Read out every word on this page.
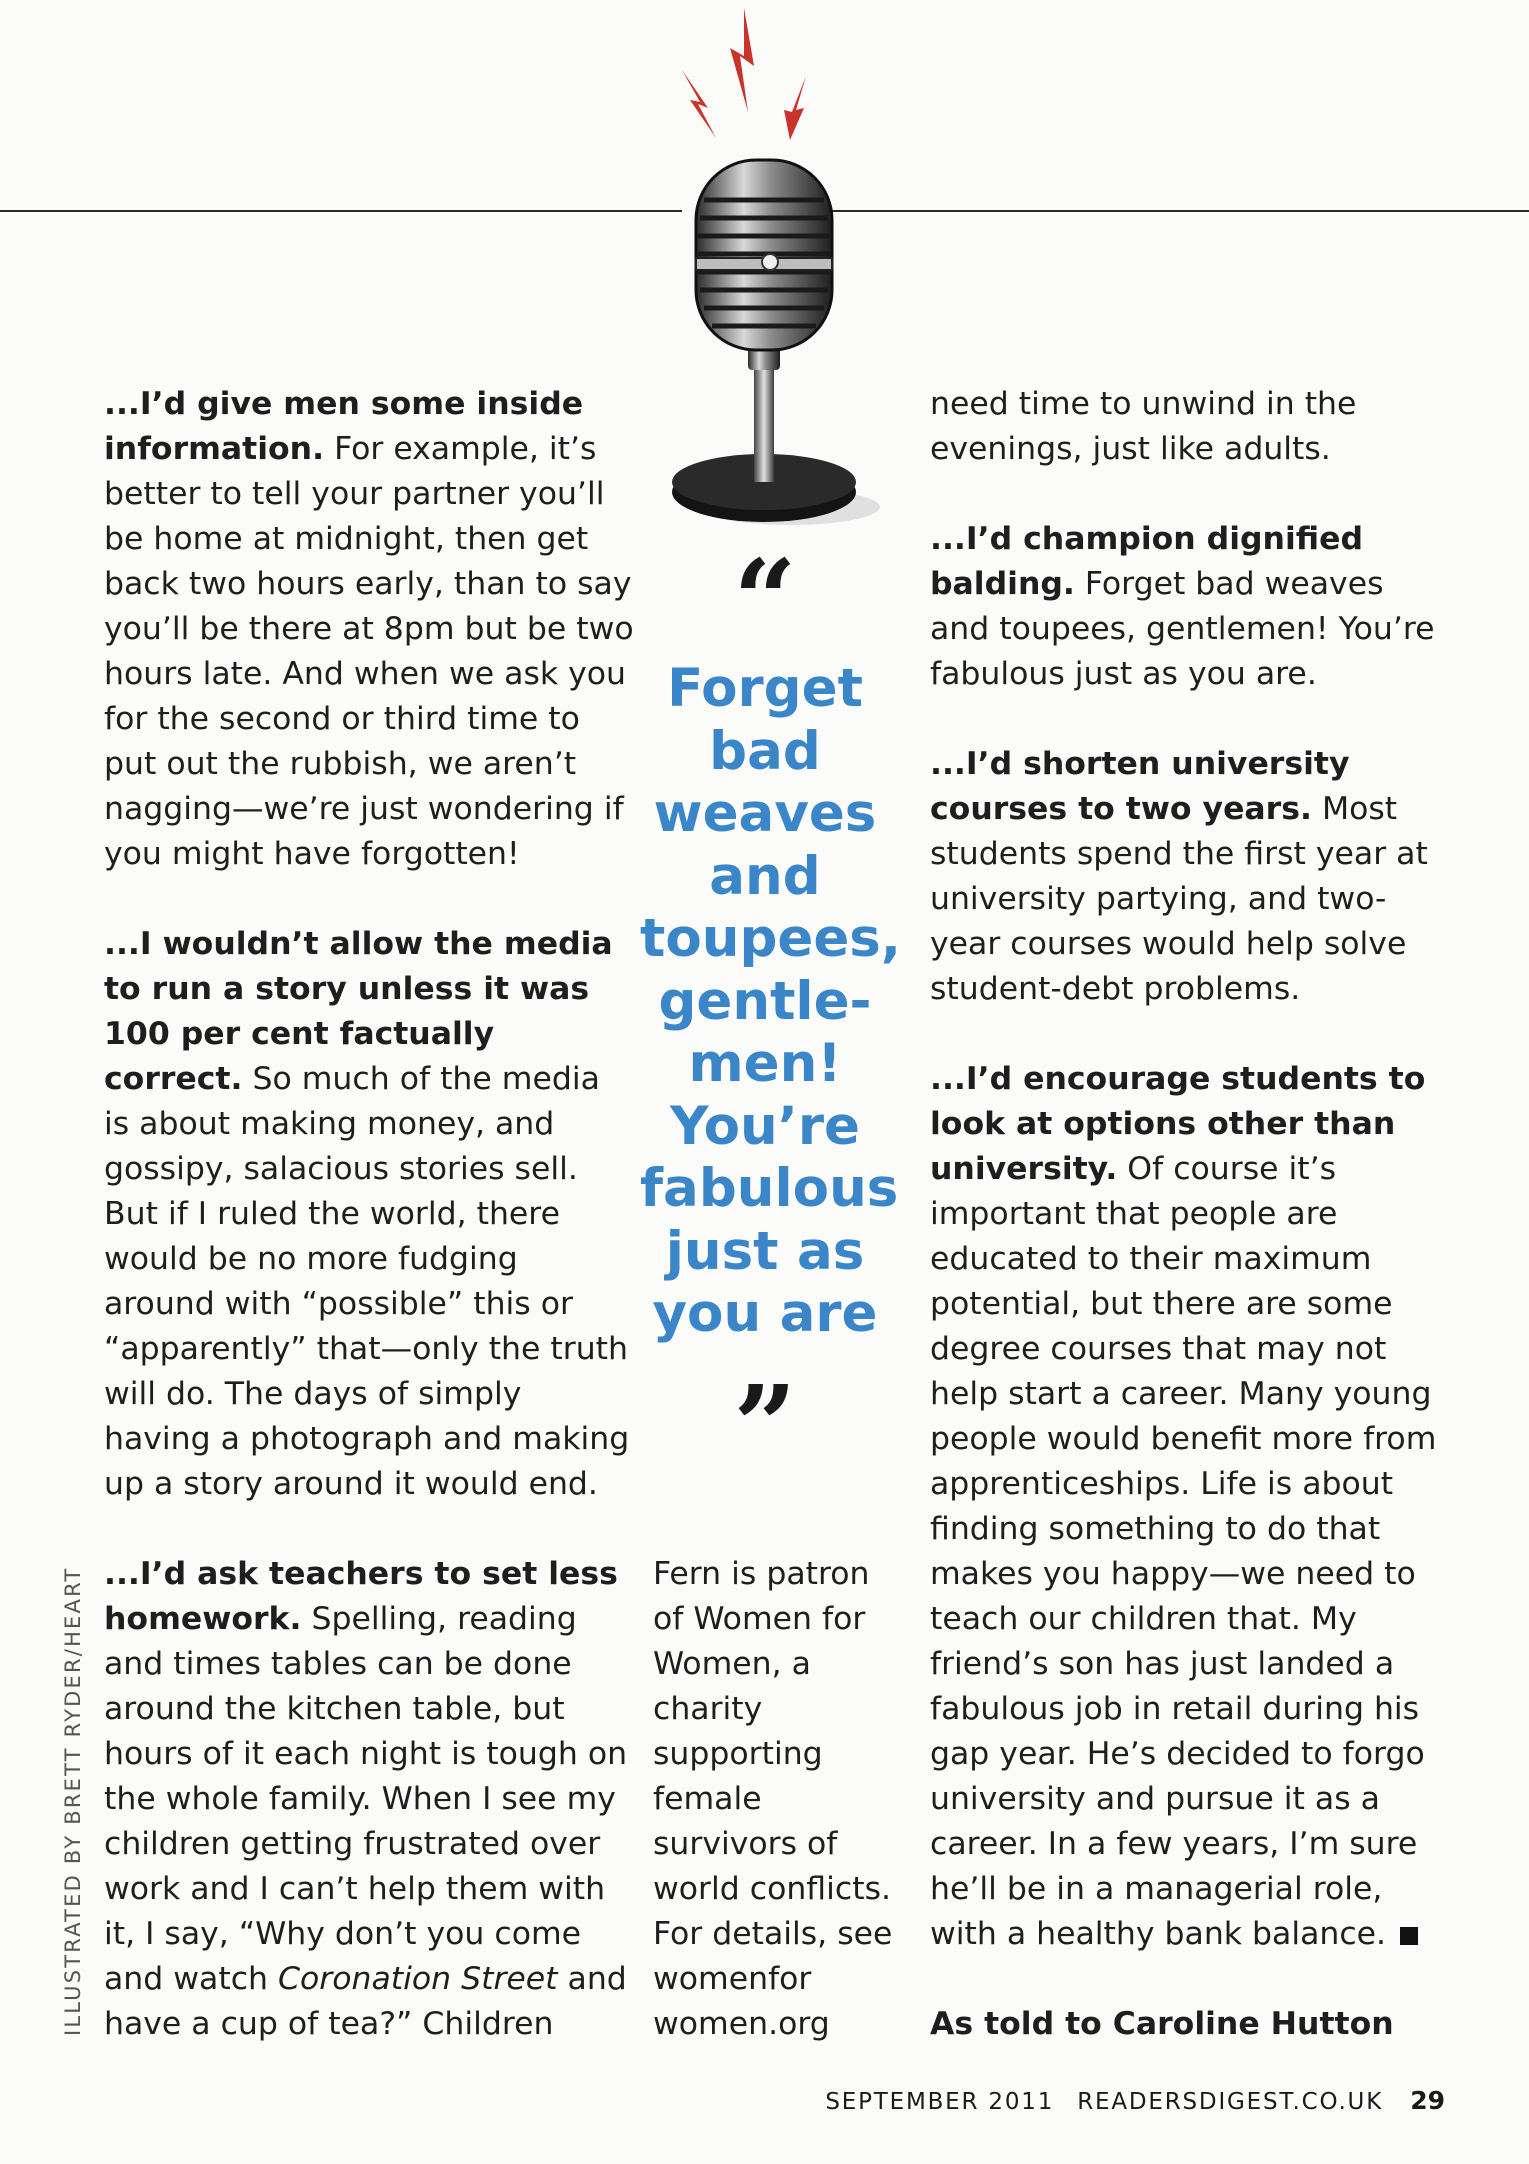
...I’d give men some inside information. For example, it’s better to tell your partner you’ll be home at midnight, then get back two hours early, than to say you’ll be there at 8pm but be two hours late. And when we ask you for the second or third time to put out the rubbish, we aren’t nagging—we’re just wondering if you might have forgotten!

...I wouldn’t allow the media to run a story unless it was 100 per cent factually correct. So much of the media is about making money, and gossipy, salacious stories sell. But if I ruled the world, there would be no more fudging around with “possible” this or “apparently” that—only the truth will do. The days of simply having a photograph and making up a story around it would end.

...I’d ask teachers to set less homework. Spelling, reading and times tables can be done around the kitchen table, but hours of it each night is tough on the whole family. When I see my children getting frustrated over work and I can’t help them with it, I say, “Why don’t you come and watch Coronation Street and have a cup of tea?” Children

“
Forget bad weaves and toupees, gentle-men! You’re fabulous just as you are
”

Fern is patron of Women for Women, a charity supporting female survivors of world conflicts. For details, see womenfor women.org

need time to unwind in the evenings, just like adults.

...I’d champion dignified balding. Forget bad weaves and toupees, gentlemen! You’re fabulous just as you are.

...I’d shorten university courses to two years. Most students spend the first year at university partying, and two-year courses would help solve student-debt problems.

...I’d encourage students to look at options other than university. Of course it’s important that people are educated to their maximum potential, but there are some degree courses that may not help start a career. Many young people would benefit more from apprenticeships. Life is about finding something to do that makes you happy—we need to teach our children that. My friend’s son has just landed a fabulous job in retail during his gap year. He’s decided to forgo university and pursue it as a career. In a few years, I’m sure he’ll be in a managerial role, with a healthy bank balance.

As told to Caroline Hutton

ILLUSTRATED BY BRETT RYDER/HEART
SEPTEMBER 2011 READERSDIGEST.CO.UK 29
